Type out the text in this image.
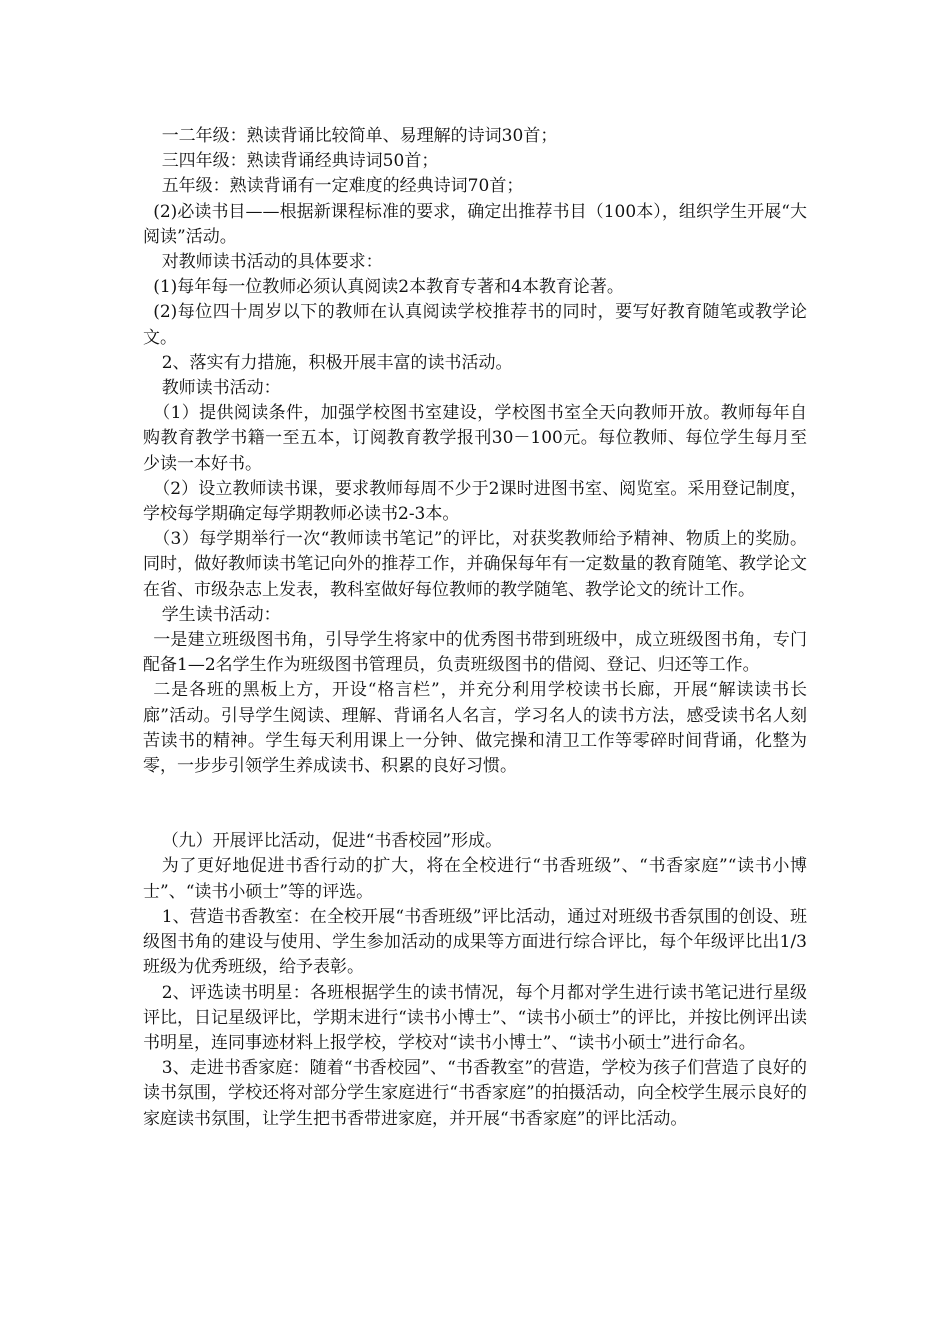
一二年级：熟读背诵比较简单、易理解的诗词30首；

三四年级：熟读背诵经典诗词50首；

五年级：熟读背诵有一定难度的经典诗词70首；

(2)必读书目——根据新课程标准的要求，确定出推荐书目（100本），组织学生开展“大阅读”活动。

对教师读书活动的具体要求：

(1)每年每一位教师必须认真阅读2本教育专著和4本教育论著。

(2)每位四十周岁以下的教师在认真阅读学校推荐书的同时，要写好教育随笔或教学论文。

2、落实有力措施，积极开展丰富的读书活动。

教师读书活动：

（1）提供阅读条件，加强学校图书室建设，学校图书室全天向教师开放。教师每年自购教育教学书籍一至五本，订阅教育教学报刊30－100元。每位教师、每位学生每月至少读一本好书。

（2）设立教师读书课，要求教师每周不少于2课时进图书室、阅览室。采用登记制度，学校每学期确定每学期教师必读书2-3本。

（3）每学期举行一次“教师读书笔记”的评比，对获奖教师给予精神、物质上的奖励。同时，做好教师读书笔记向外的推荐工作，并确保每年有一定数量的教育随笔、教学论文在省、市级杂志上发表，教科室做好每位教师的教学随笔、教学论文的统计工作。

学生读书活动：

一是建立班级图书角，引导学生将家中的优秀图书带到班级中，成立班级图书角，专门配备1—2名学生作为班级图书管理员，负责班级图书的借阅、登记、归还等工作。

二是各班的黑板上方，开设“格言栏”，并充分利用学校读书长廊，开展“解读读书长廊”活动。引导学生阅读、理解、背诵名人名言，学习名人的读书方法，感受读书名人刻苦读书的精神。学生每天利用课上一分钟、做完操和清卫工作等零碎时间背诵，化整为零，一步步引领学生养成读书、积累的良好习惯。

（九）开展评比活动，促进“书香校园”形成。

为了更好地促进书香行动的扩大，将在全校进行“书香班级”、“书香家庭”“读书小博士”、“读书小硕士”等的评选。

1、营造书香教室：在全校开展“书香班级”评比活动，通过对班级书香氛围的创设、班级图书角的建设与使用、学生参加活动的成果等方面进行综合评比，每个年级评比出1/3班级为优秀班级，给予表彰。

2、评选读书明星：各班根据学生的读书情况，每个月都对学生进行读书笔记进行星级评比，日记星级评比，学期末进行“读书小博士”、“读书小硕士”的评比，并按比例评出读书明星，连同事迹材料上报学校，学校对“读书小博士”、“读书小硕士”进行命名。

3、走进书香家庭：随着“书香校园”、“书香教室”的营造，学校为孩子们营造了良好的读书氛围，学校还将对部分学生家庭进行“书香家庭”的拍摄活动，向全校学生展示良好的家庭读书氛围，让学生把书香带进家庭，并开展“书香家庭”的评比活动。
